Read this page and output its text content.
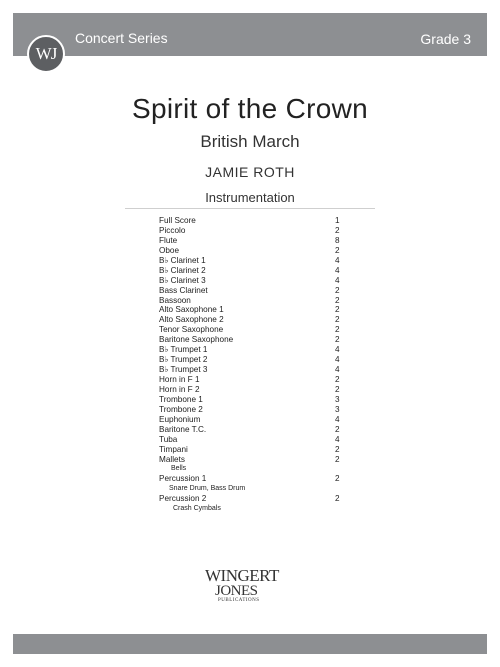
Concert Series	Grade 3
WJ
Spirit of the Crown
British March
JAMIE ROTH
Instrumentation
Full Score	1
Piccolo	2
Flute	8
Oboe	2
B♭ Clarinet 1	4
B♭ Clarinet 2	4
B♭ Clarinet 3	4
Bass Clarinet	2
Bassoon	2
Alto Saxophone 1	2
Alto Saxophone 2	2
Tenor Saxophone	2
Baritone Saxophone	2
B♭ Trumpet 1	4
B♭ Trumpet 2	4
B♭ Trumpet 3	4
Horn in F 1	2
Horn in F 2	2
Trombone 1	3
Trombone 2	3
Euphonium	4
Baritone T.C.	2
Tuba	4
Timpani	2
Mallets	2
Bells
Percussion 1	2
Snare Drum, Bass Drum
Percussion 2	2
Crash Cymbals
WINGERT
JONES
PUBLICATIONS
